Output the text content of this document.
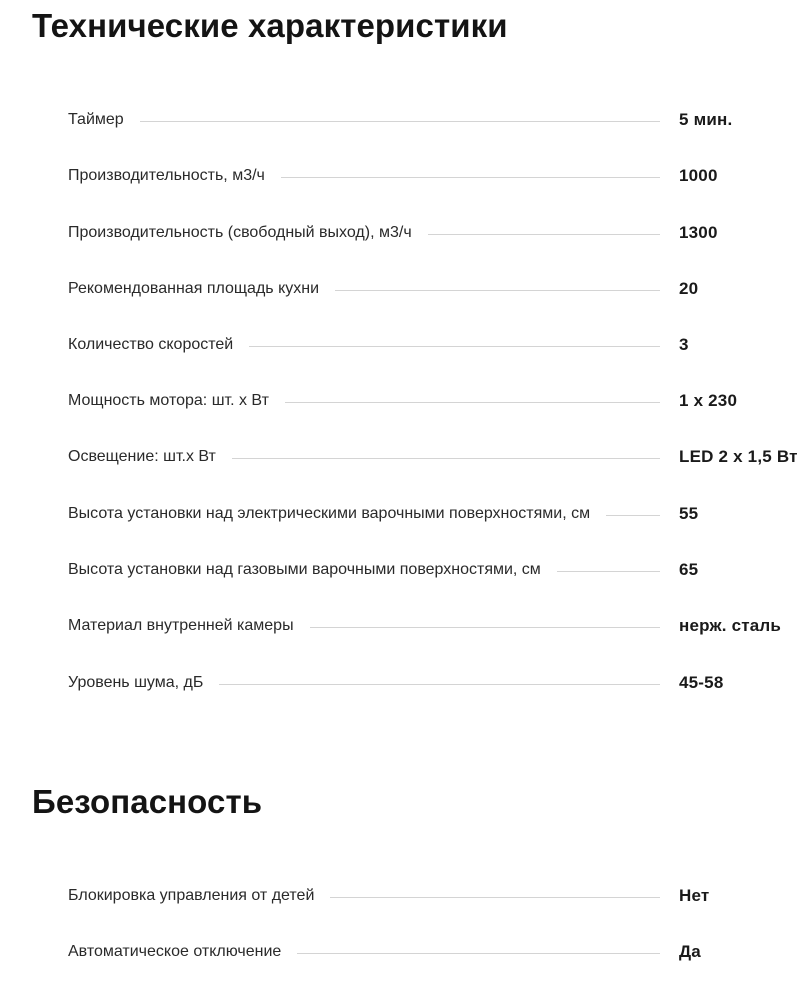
Технические характеристики
Таймер	5 мин.
Производительность, м3/ч	1000
Производительность (свободный выход), м3/ч	1300
Рекомендованная площадь кухни	20
Количество скоростей	3
Мощность мотора: шт. х Вт	1 х 230
Освещение: шт.х Вт	LED 2 х 1,5 Вт
Высота установки над электрическими варочными поверхностями, см	55
Высота установки над газовыми варочными поверхностями, см	65
Материал внутренней камеры	нерж. сталь
Уровень шума, дБ	45-58
Безопасность
Блокировка управления от детей	Нет
Автоматическое отключение	Да
